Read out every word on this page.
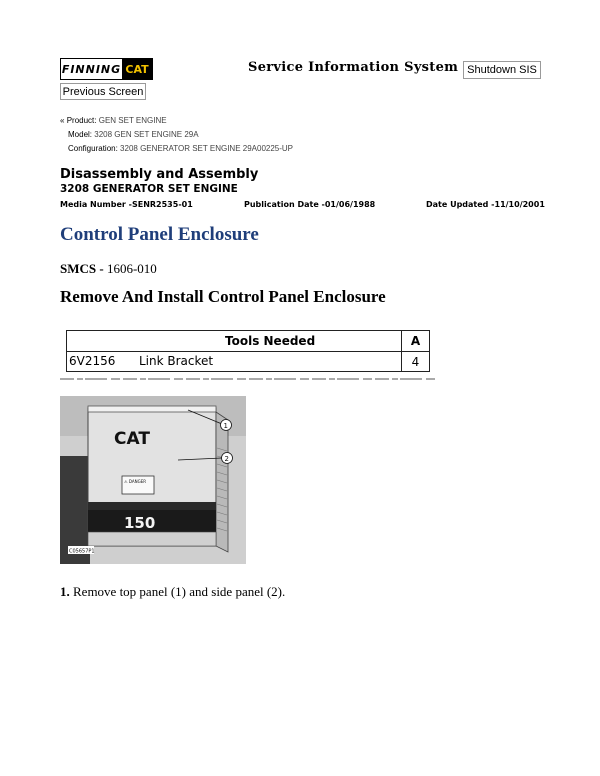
FINNING CAT	Service Information System Shutdown SIS
Previous Screen
« Product: GEN SET ENGINE
Model: 3208 GEN SET ENGINE 29A
Configuration: 3208 GENERATOR SET ENGINE 29A00225-UP
Disassembly and Assembly
3208 GENERATOR SET ENGINE
Media Number -SENR2535-01	Publication Date -01/06/1988	Date Updated -11/10/2001
Control Panel Enclosure
SMCS - 1606-010
Remove And Install Control Panel Enclosure
Tools Needed	A
6V2156 Link Bracket	4
CAT
⚠ DANGER
150
1
2
C05657P1
1. Remove top panel (1) and side panel (2).
